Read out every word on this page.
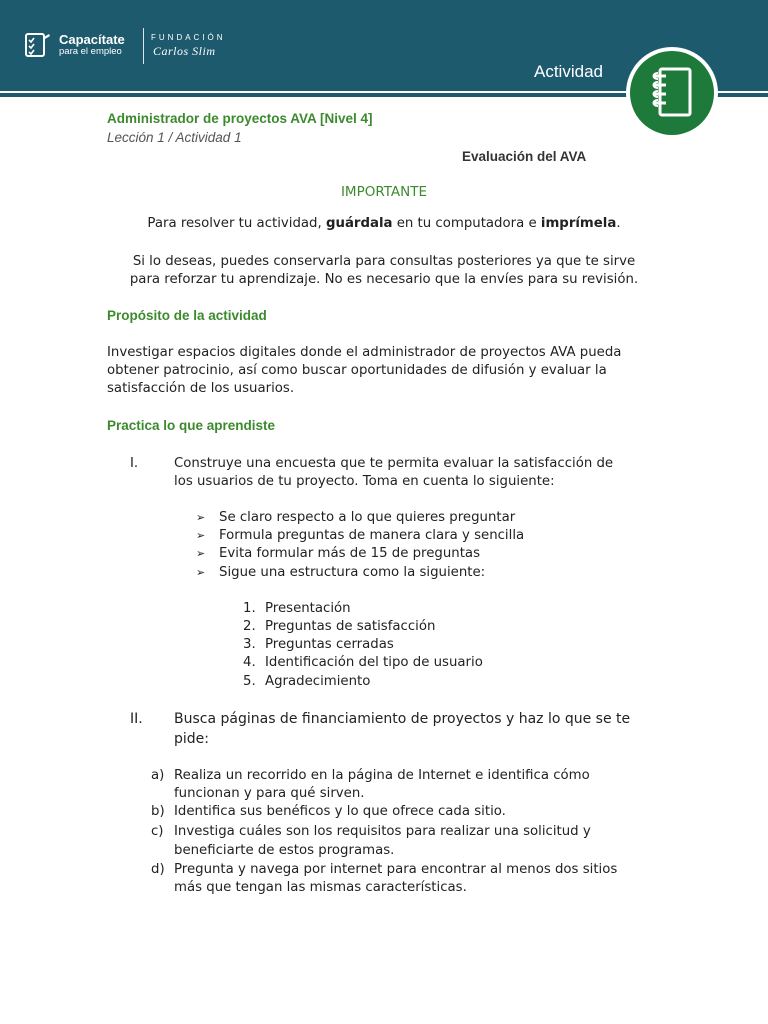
Capacítate
para el empleo
FUNDACIÓN
Carlos Slim
Actividad
Administrador de proyectos AVA [Nivel 4]
Lección 1 / Actividad 1
Evaluación del AVA
IMPORTANTE
Para resolver tu actividad, guárdala en tu computadora e imprímela.
Si lo deseas, puedes conservarla para consultas posteriores ya que te sirve
para reforzar tu aprendizaje. No es necesario que la envíes para su revisión.
Propósito de la actividad
Investigar espacios digitales donde el administrador de proyectos AVA pueda
obtener patrocinio, así como buscar oportunidades de difusión y evaluar la
satisfacción de los usuarios.
Practica lo que aprendiste
I.	Construye una encuesta que te permita evaluar la satisfacción de
los usuarios de tu proyecto. Toma en cuenta lo siguiente:
➢ Se claro respecto a lo que quieres preguntar
➢ Formula preguntas de manera clara y sencilla
➢ Evita formular más de 15 de preguntas
➢ Sigue una estructura como la siguiente:
1. Presentación
2. Preguntas de satisfacción
3. Preguntas cerradas
4. Identificación del tipo de usuario
5. Agradecimiento
II. Busca páginas de financiamiento de proyectos y haz lo que se te
pide:
a) Realiza un recorrido en la página de Internet e identifica cómo
funcionan y para qué sirven.
b) Identifica sus benéficos y lo que ofrece cada sitio.
c) Investiga cuáles son los requisitos para realizar una solicitud y
beneficiarte de estos programas.
d) Pregunta y navega por internet para encontrar al menos dos sitios
más que tengan las mismas características.
